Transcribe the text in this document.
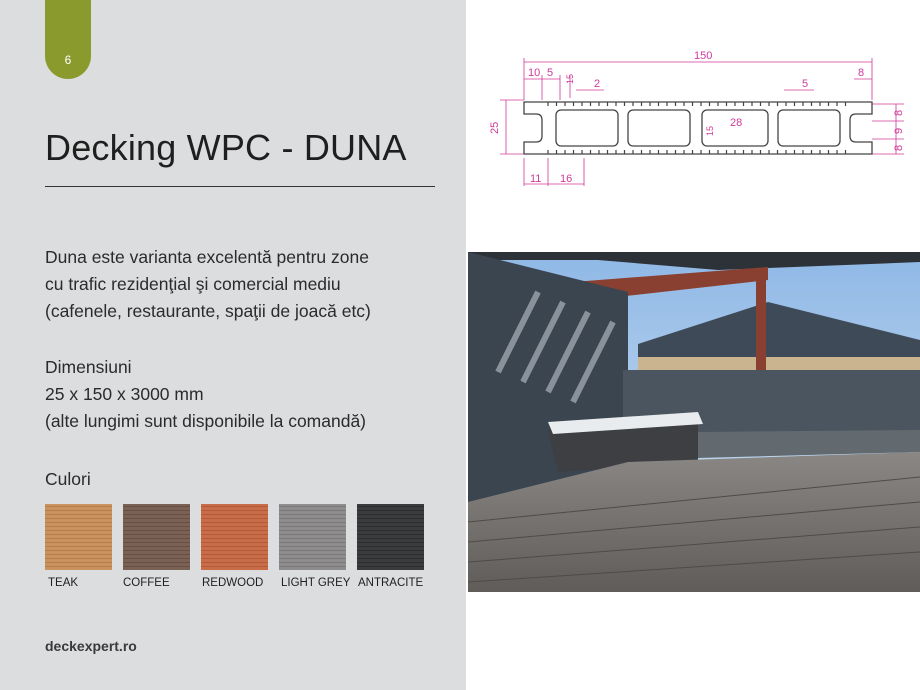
6
Decking WPC - DUNA
Duna este varianta excelentă pentru zone
cu trafic rezidenţial şi comercial mediu
(cafenele, restaurante, spaţii de joacă etc)
Dimensiuni
25 x 150 x 3000 mm
(alte lungimi sunt disponibile la comandă)
Culori
TEAK	COFFEE	REDWOOD LIGHT GREY ANTRACITE
deckexpert.ro
150
10 5 15 2	5
8
25	15
28
8
9
8
11 16
